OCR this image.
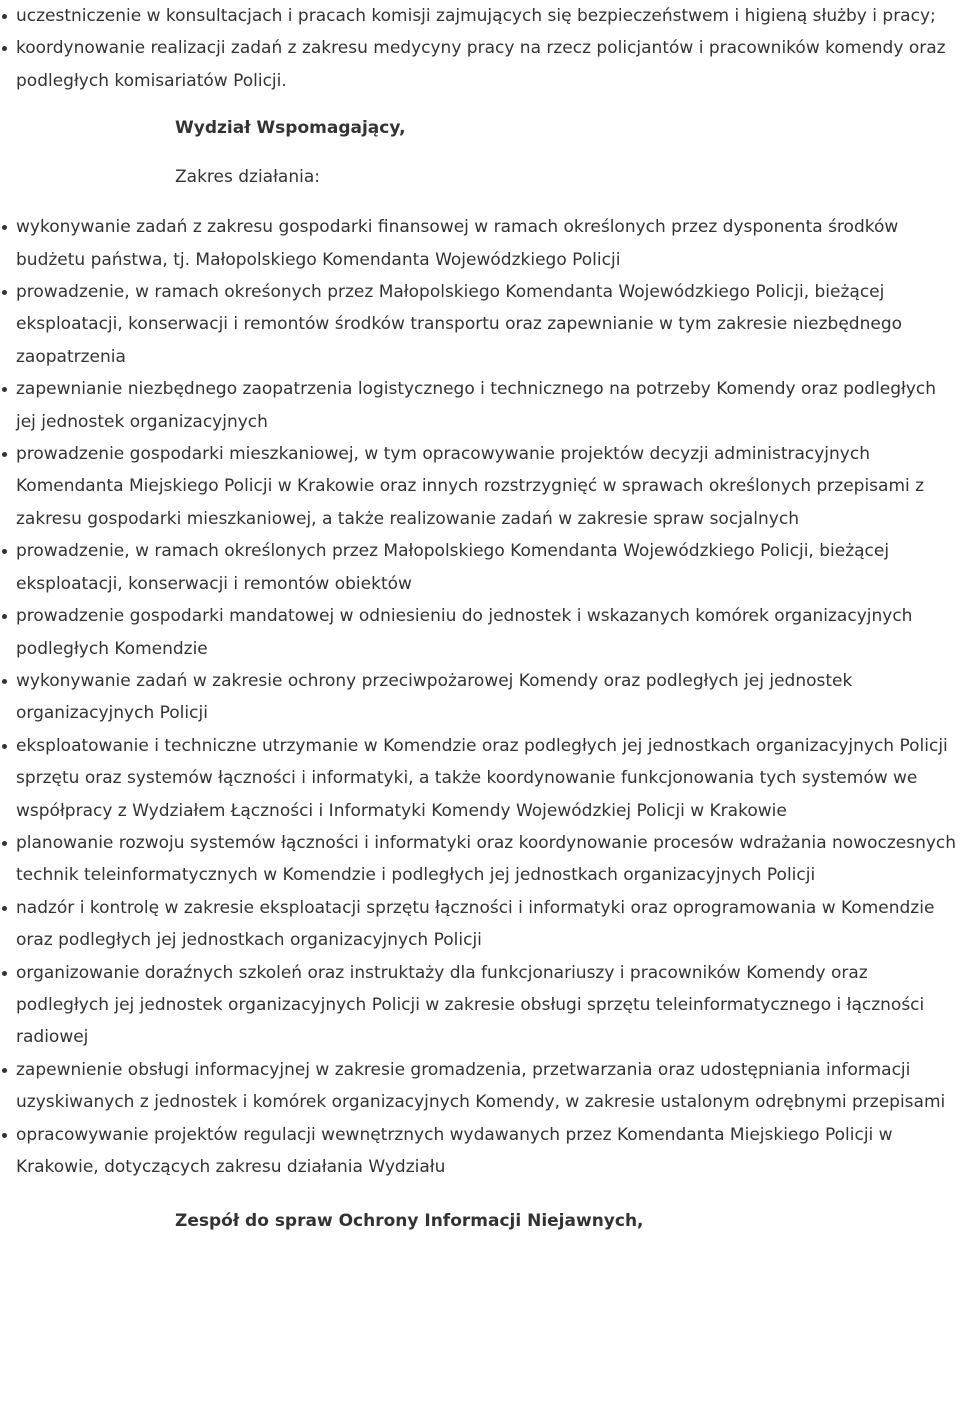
uczestniczenie w konsultacjach i pracach komisji zajmujących się bezpieczeństwem i higieną służby i pracy;
koordynowanie realizacji zadań z zakresu medycyny pracy na rzecz policjantów i pracowników komendy oraz podległych komisariatów Policji.
Wydział Wspomagający,
Zakres działania:
wykonywanie zadań z zakresu gospodarki finansowej w ramach określonych przez dysponenta środków budżetu państwa, tj. Małopolskiego Komendanta Wojewódzkiego Policji
prowadzenie, w ramach okreśonych przez Małopolskiego Komendanta Wojewódzkiego Policji, bieżącej eksploatacji, konserwacji i remontów środków transportu oraz zapewnianie w tym zakresie niezbędnego zaopatrzenia
zapewnianie niezbędnego zaopatrzenia logistycznego i technicznego na potrzeby Komendy oraz podległych jej jednostek organizacyjnych
prowadzenie gospodarki mieszkaniowej, w tym opracowywanie projektów decyzji administracyjnych Komendanta Miejskiego Policji w Krakowie oraz innych rozstrzygnięć w sprawach określonych przepisami z zakresu gospodarki mieszkaniowej, a także realizowanie zadań w zakresie spraw socjalnych
prowadzenie, w ramach określonych przez Małopolskiego Komendanta Wojewódzkiego Policji, bieżącej eksploatacji, konserwacji i remontów obiektów
prowadzenie gospodarki mandatowej w odniesieniu do jednostek i wskazanych komórek organizacyjnych podległych Komendzie
wykonywanie zadań w zakresie ochrony przeciwpożarowej Komendy oraz podległych jej jednostek organizacyjnych Policji
eksploatowanie i techniczne utrzymanie w Komendzie oraz podległych jej jednostkach organizacyjnych Policji sprzętu oraz systemów łączności i informatyki, a także koordynowanie funkcjonowania tych systemów we współpracy z Wydziałem Łączności i Informatyki Komendy Wojewódzkiej Policji w Krakowie
planowanie rozwoju systemów łączności i informatyki oraz koordynowanie procesów wdrażania nowoczesnych technik teleinformatycznych w Komendzie i podległych jej jednostkach organizacyjnych Policji
nadzór i kontrolę w zakresie eksploatacji sprzętu łączności i informatyki oraz oprogramowania w Komendzie oraz podległych jej jednostkach organizacyjnych Policji
organizowanie doraźnych szkoleń oraz instruktaży dla funkcjonariuszy i pracowników Komendy oraz podległych jej jednostek organizacyjnych Policji w zakresie obsługi sprzętu teleinformatycznego i łączności radiowej
zapewnienie obsługi informacyjnej w zakresie gromadzenia, przetwarzania oraz udostępniania informacji uzyskiwanych z jednostek i komórek organizacyjnych Komendy, w zakresie ustalonym odrębnymi przepisami
opracowywanie projektów regulacji wewnętrznych wydawanych przez Komendanta Miejskiego Policji w Krakowie, dotyczących zakresu działania Wydziału
Zespół do spraw Ochrony Informacji Niejawnych,
